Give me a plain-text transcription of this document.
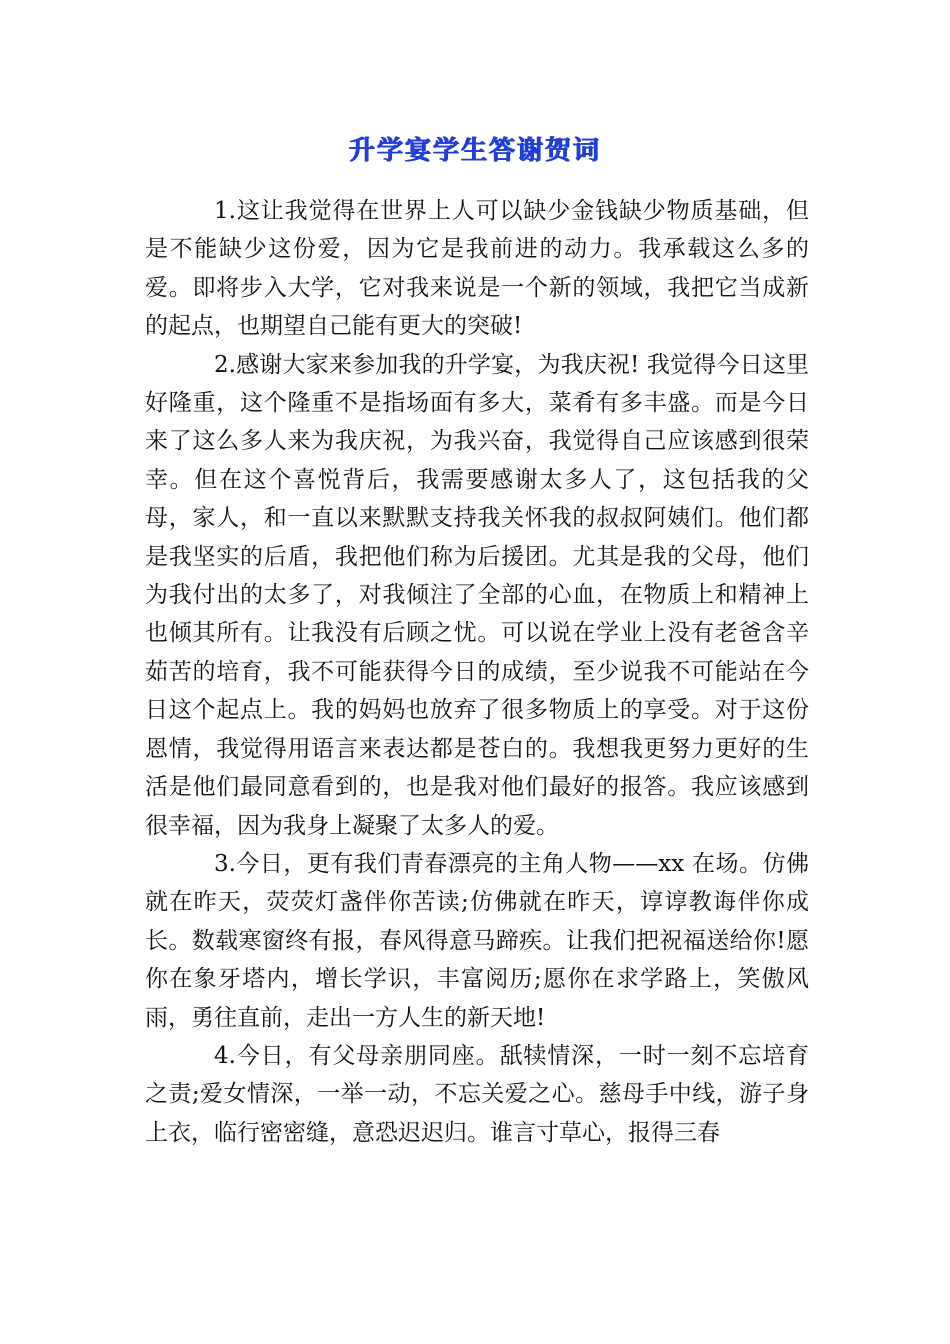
升学宴学生答谢贺词

1.这让我觉得在世界上人可以缺少金钱缺少物质基础，但是不能缺少这份爱，因为它是我前进的动力。我承载这么多的爱。即将步入大学，它对我来说是一个新的领域，我把它当成新的起点，也期望自己能有更大的突破!

2.感谢大家来参加我的升学宴，为我庆祝! 我觉得今日这里好隆重，这个隆重不是指场面有多大，菜肴有多丰盛。而是今日来了这么多人来为我庆祝，为我兴奋，我觉得自己应该感到很荣幸。但在这个喜悦背后，我需要感谢太多人了，这包括我的父母，家人，和一直以来默默支持我关怀我的叔叔阿姨们。他们都是我坚实的后盾，我把他们称为后援团。尤其是我的父母，他们为我付出的太多了，对我倾注了全部的心血，在物质上和精神上也倾其所有。让我没有后顾之忧。可以说在学业上没有老爸含辛茹苦的培育，我不可能获得今日的成绩，至少说我不可能站在今日这个起点上。我的妈妈也放弃了很多物质上的享受。对于这份恩情，我觉得用语言来表达都是苍白的。我想我更努力更好的生活是他们最同意看到的，也是我对他们最好的报答。我应该感到很幸福，因为我身上凝聚了太多人的爱。

3.今日，更有我们青春漂亮的主角人物——xx 在场。仿佛就在昨天，荧荧灯盏伴你苦读;仿佛就在昨天，谆谆教诲伴你成长。数载寒窗终有报，春风得意马蹄疾。让我们把祝福送给你!愿你在象牙塔内，增长学识，丰富阅历;愿你在求学路上，笑傲风雨，勇往直前，走出一方人生的新天地!

4.今日，有父母亲朋同座。舐犊情深，一时一刻不忘培育之责;爱女情深，一举一动，不忘关爱之心。慈母手中线，游子身上衣，临行密密缝，意恐迟迟归。谁言寸草心，报得三春
